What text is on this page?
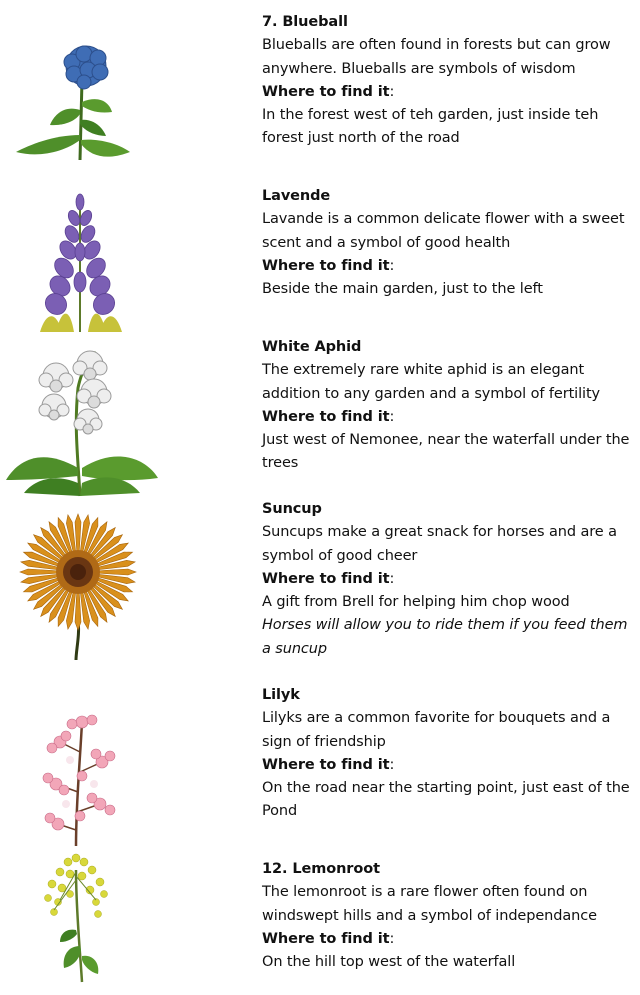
7. Blueball
Blueballs are often found in forests but can grow anywhere. Blueballs are symbols of wisdom
Where to find it:
In the forest west of teh garden, just inside teh forest just north of the road
Lavende
Lavande is a common delicate flower with a sweet scent and a symbol of good health
Where to find it:
Beside the main garden, just to the left
White Aphid
The extremely rare white aphid is an elegant addition to any garden and a symbol of fertility
Where to find it:
Just west of Nemonee, near the waterfall under the trees
Suncup
Suncups make a great snack for horses and are a symbol of good cheer
Where to find it:
A gift from Brell for helping him chop wood
Horses will allow you to ride them if you feed them a suncup
Lilyk
Lilyks are a common favorite for bouquets and a sign of friendship
Where to find it:
On the road near the starting point, just east of the Pond
12. Lemonroot
The lemonroot is a rare flower often found on windswept hills and a symbol of independance
Where to find it:
On the hill top west of the waterfall
